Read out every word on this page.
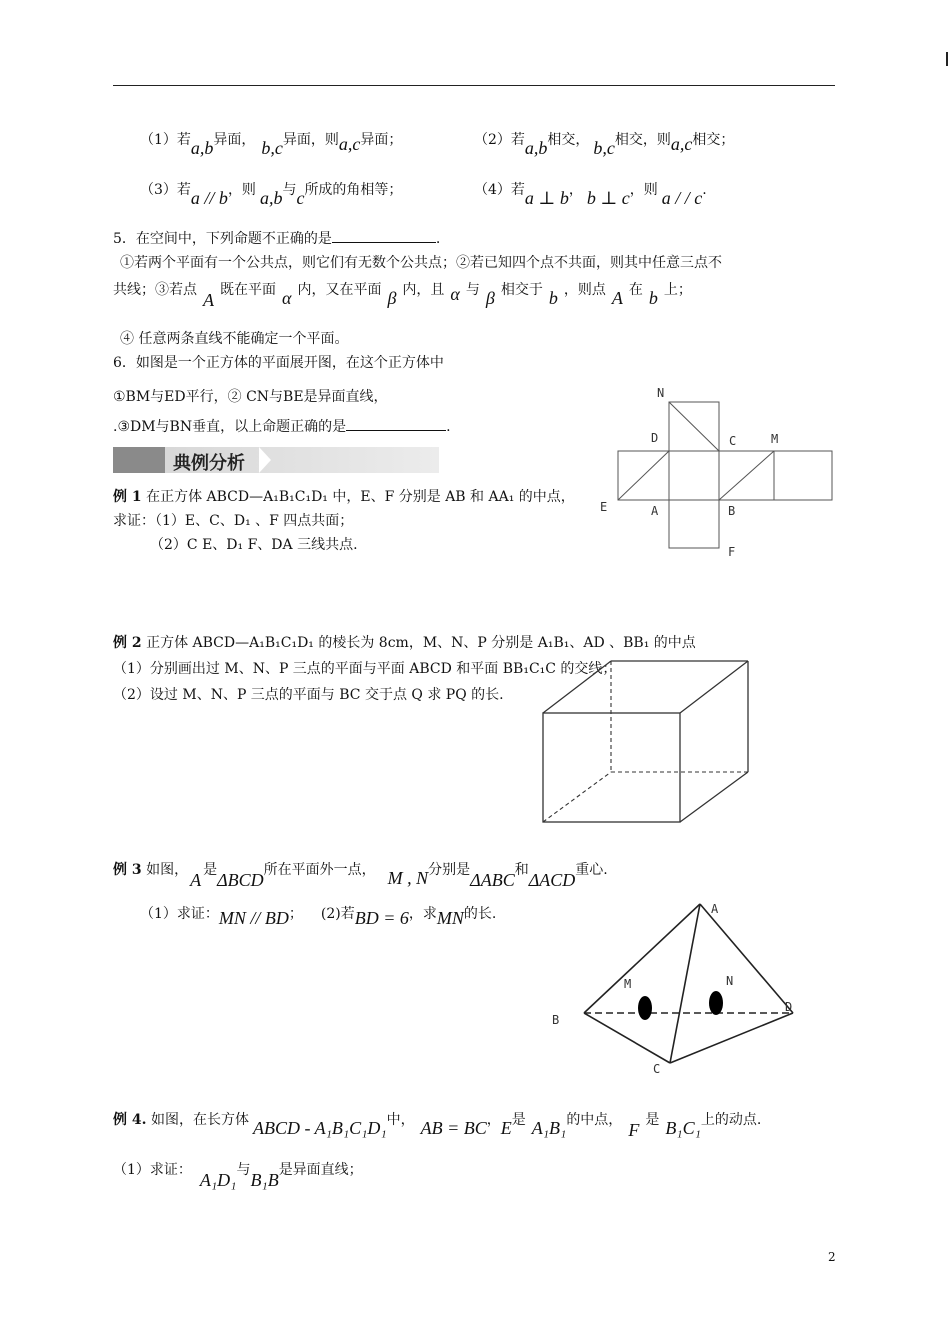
（1）若a,b异面， b,c异面，则a,c异面；	（2）若a,b相交， b,c相交，则a,c相交；
（3）若a // b，则 a,b与c所成的角相等；	（4）若a ⊥ b， b ⊥ c，则 a / / c.
5．在空间中，下列命题不正确的是	.
①若两个平面有一个公共点，则它们有无数个公共点；②若已知四个点不共面，则其中任意三点不
共线；③若点 A 既在平面 α 内，又在平面 β 内，且 α 与 β 相交于 b ，则点 A 在 b 上；
④ 任意两条直线不能确定一个平面。
6．如图是一个正方体的平面展开图，在这个正方体中
①BM与ED平行，② CN与BE是异面直线，
.③DM与BN垂直，以上命题正确的是	.
典例分析
N
D	C	M
E	A	B
F
例 1 在正方体 ABCD—A₁B₁C₁D₁ 中，E、F 分别是 AB 和 AA₁ 的中点，
求证：（1）E、C、D₁ 、F 四点共面；
（2）C E、D₁ F、DA 三线共点.
例 2 正方体 ABCD—A₁B₁C₁D₁ 的棱长为 8cm，M、N、P 分别是 A₁B₁、AD 、BB₁ 的中点
（1）分别画出过 M、N、P 三点的平面与平面 ABCD 和平面 BB₁C₁C 的交线；
（2）设过 M、N、P 三点的平面与 BC 交于点 Q 求 PQ 的长.
例 3 如图， A 是ΔBCD所在平面外一点， M , N分别是ΔABC和ΔACD重心.
（1）求证：MN // BD； (2)若BD = 6，求MN的长.	A
B
C
D
M	N
例 4. 如图，在长方体 ABCD - A₁B₁C₁D₁中， AB = BC，E是 A₁B₁的中点， F 是 B₁C₁上的动点.
（1）求证： A₁D₁与B₁B是异面直线；
2
